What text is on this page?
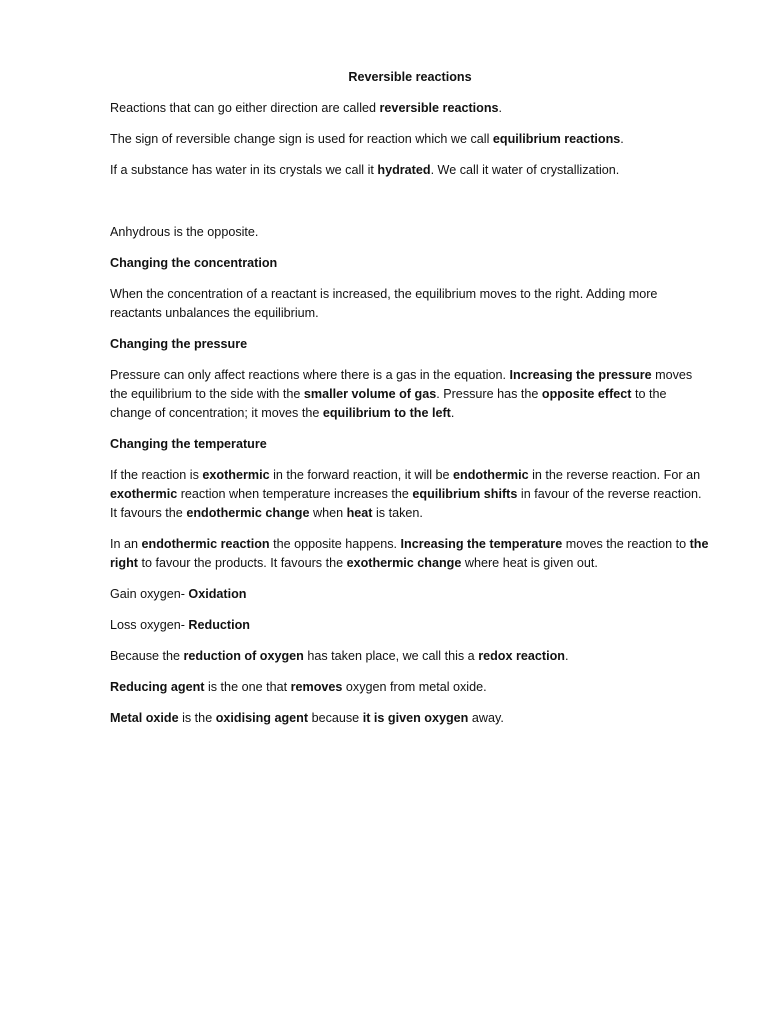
Reversible reactions
Reactions that can go either direction are called reversible reactions.
The sign of reversible change sign is used for reaction which we call equilibrium reactions.
If a substance has water in its crystals we call it hydrated. We call it water of crystallization.
Anhydrous is the opposite.
Changing the concentration
When the concentration of a reactant is increased, the equilibrium moves to the right. Adding more reactants unbalances the equilibrium.
Changing the pressure
Pressure can only affect reactions where there is a gas in the equation. Increasing the pressure moves the equilibrium to the side with the smaller volume of gas. Pressure has the opposite effect to the change of concentration; it moves the equilibrium to the left.
Changing the temperature
If the reaction is exothermic in the forward reaction, it will be endothermic in the reverse reaction. For an exothermic reaction when temperature increases the equilibrium shifts in favour of the reverse reaction. It favours the endothermic change when heat is taken.
In an endothermic reaction the opposite happens. Increasing the temperature moves the reaction to the right to favour the products. It favours the exothermic change where heat is given out.
Gain oxygen- Oxidation
Loss oxygen- Reduction
Because the reduction of oxygen has taken place, we call this a redox reaction.
Reducing agent is the one that removes oxygen from metal oxide.
Metal oxide is the oxidising agent because it is given oxygen away.
